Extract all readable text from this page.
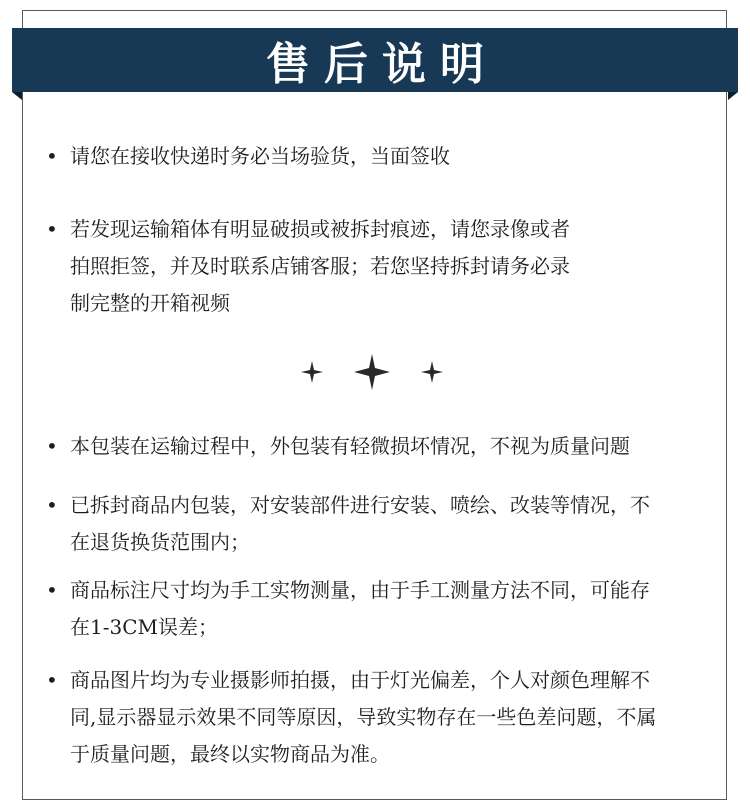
售后说明
• 请您在接收快递时务必当场验货，当面签收
• 若发现运输箱体有明显破损或被拆封痕迹，请您录像或者
拍照拒签，并及时联系店铺客服；若您坚持拆封请务必录
制完整的开箱视频
• 本包装在运输过程中，外包装有轻微损坏情况，不视为质量问题
• 已拆封商品内包装，对安装部件进行安装、喷绘、改装等情况，不
在退货换货范围内；
• 商品标注尺寸均为手工实物测量，由于手工测量方法不同，可能存
在1-3CM误差；
• 商品图片均为专业摄影师拍摄，由于灯光偏差，个人对颜色理解不
同,显示器显示效果不同等原因，导致实物存在一些色差问题，不属
于质量问题，最终以实物商品为准。
